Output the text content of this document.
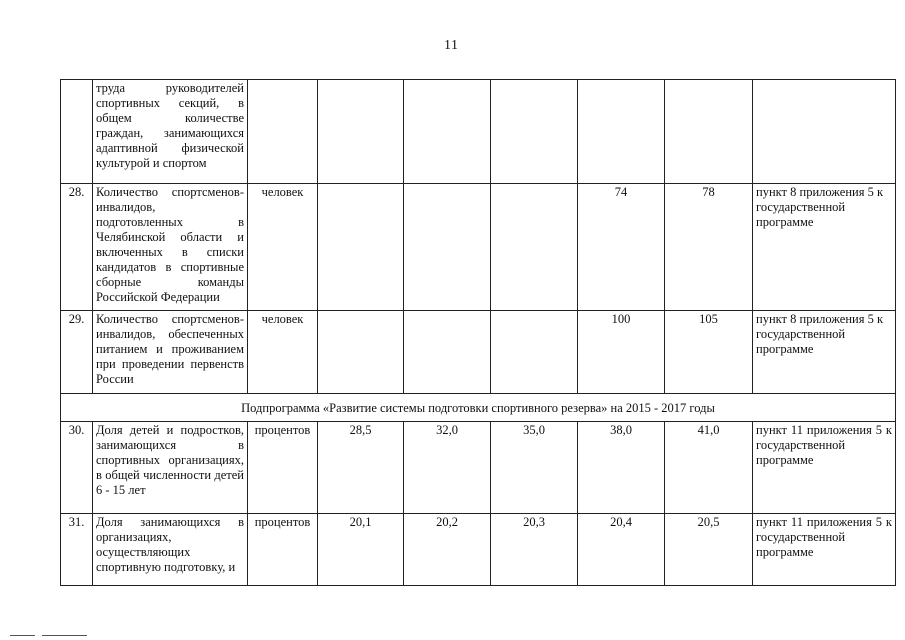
11
	труда руководителей спортивных секций, в общем количестве граждан, занимающихся адаптивной физической культурой и спортом							
28.	Количество спортсменов-инвалидов, подготовленных в Челябинской области и включенных в списки кандидатов в спортивные сборные команды Российской Федерации	человек				74	78	пункт 8 приложения 5 к государственной программе
29.	Количество спортсменов-инвалидов, обеспеченных питанием и проживанием при проведении первенств России	человек				100	105	пункт 8 приложения 5 к государственной программе
Подпрограмма «Развитие системы подготовки спортивного резерва» на 2015 - 2017 годы								
30.	Доля детей и подростков, занимающихся в спортивных организациях, в общей численности детей 6 - 15 лет	процентов	28,5	32,0	35,0	38,0	41,0	пункт 11 приложения 5 к государственной программе
31.	Доля занимающихся в организациях, осуществляющих спортивную подготовку, и	процентов	20,1	20,2	20,3	20,4	20,5	пункт 11 приложения 5 к государственной программе
